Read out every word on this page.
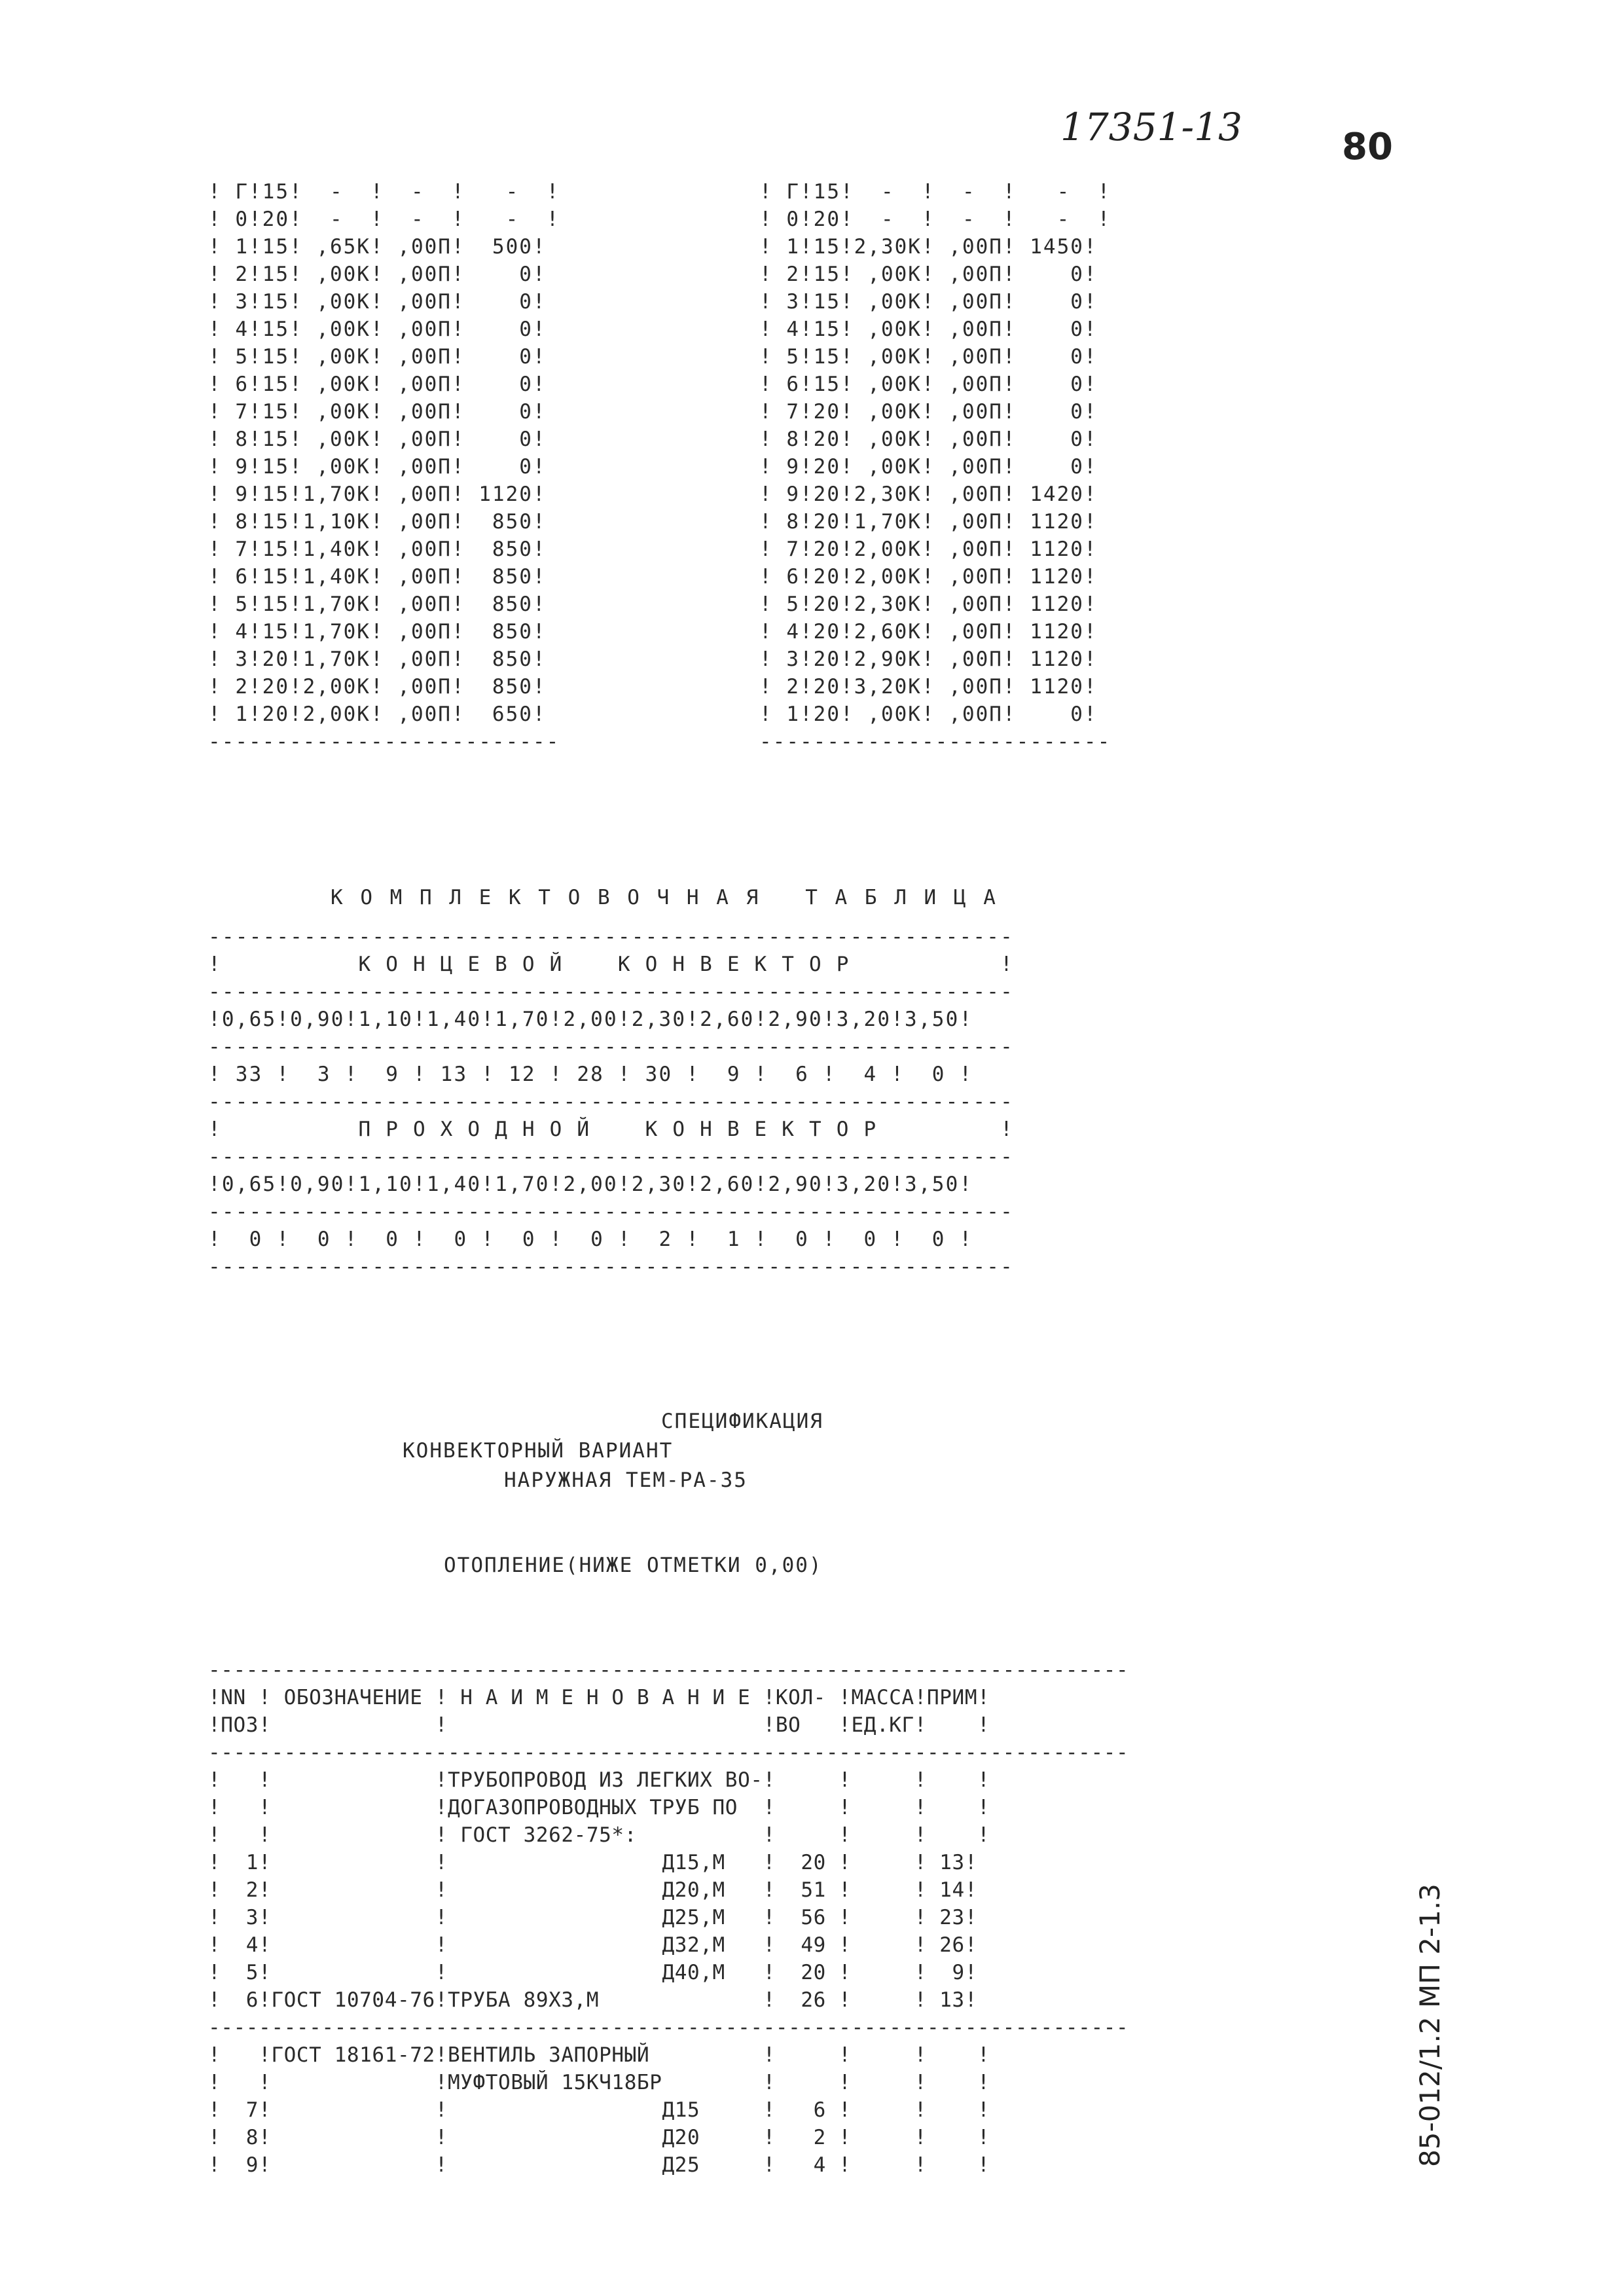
17351-13	80
! Г!15!  -  !  -  !   -  !
! 0!20!  -  !  -  !   -  !
! 1!15! ,65К! ,00П!  500!
! 2!15! ,00К! ,00П!    0!
! 3!15! ,00К! ,00П!    0!
! 4!15! ,00К! ,00П!    0!
! 5!15! ,00К! ,00П!    0!
! 6!15! ,00К! ,00П!    0!
! 7!15! ,00К! ,00П!    0!
! 8!15! ,00К! ,00П!    0!
! 9!15! ,00К! ,00П!    0!
! 9!15!1,70К! ,00П! 1120!
! 8!15!1,10К! ,00П!  850!
! 7!15!1,40К! ,00П!  850!
! 6!15!1,40К! ,00П!  850!
! 5!15!1,70К! ,00П!  850!
! 4!15!1,70К! ,00П!  850!
! 3!20!1,70К! ,00П!  850!
! 2!20!2,00К! ,00П!  850!
! 1!20!2,00К! ,00П!  650!
--------------------------
! Г!15!  -  !  -  !   -  !
! 0!20!  -  !  -  !   -  !
! 1!15!2,30К! ,00П! 1450!
! 2!15! ,00К! ,00П!    0!
! 3!15! ,00К! ,00П!    0!
! 4!15! ,00К! ,00П!    0!
! 5!15! ,00К! ,00П!    0!
! 6!15! ,00К! ,00П!    0!
! 7!20! ,00К! ,00П!    0!
! 8!20! ,00К! ,00П!    0!
! 9!20! ,00К! ,00П!    0!
! 9!20!2,30К! ,00П! 1420!
! 8!20!1,70К! ,00П! 1120!
! 7!20!2,00К! ,00П! 1120!
! 6!20!2,00К! ,00П! 1120!
! 5!20!2,30К! ,00П! 1120!
! 4!20!2,60К! ,00П! 1120!
! 3!20!2,90К! ,00П! 1120!
! 2!20!3,20К! ,00П! 1120!
! 1!20! ,00К! ,00П!    0!
--------------------------
К О М П Л Е К Т О В О Ч Н А Я   Т А Б Л И Ц А
-----------------------------------------------------------
!          К О Н Ц Е В О Й    К О Н В Е К Т О Р           !
-----------------------------------------------------------
!0,65!0,90!1,10!1,40!1,70!2,00!2,30!2,60!2,90!3,20!3,50!
-----------------------------------------------------------
! 33 !  3 !  9 ! 13 ! 12 ! 28 ! 30 !  9 !  6 !  4 !  0 !
-----------------------------------------------------------
!          П Р О Х О Д Н О Й    К О Н В Е К Т О Р         !
-----------------------------------------------------------
!0,65!0,90!1,10!1,40!1,70!2,00!2,30!2,60!2,90!3,20!3,50!
-----------------------------------------------------------
!  0 !  0 !  0 !  0 !  0 !  0 !  2 !  1 !  0 !  0 !  0 !
-----------------------------------------------------------
СПЕЦИФИКАЦИЯ
КОНВЕКТОРНЫЙ ВАРИАНТ
НАРУЖНАЯ ТЕМ-РА-35
ОТОПЛЕНИЕ(НИЖЕ ОТМЕТКИ 0,00)
-------------------------------------------------------------------------
!NN ! ОБОЗНАЧЕНИЕ ! Н А И М Е Н О В А Н И Е !КОЛ- !МАССА!ПРИМ!
!ПОЗ!             !                         !ВО   !ЕД.КГ!    !
-------------------------------------------------------------------------
!   !             !ТРУБОПРОВОД ИЗ ЛЕГКИХ ВО-!     !     !    !
!   !             !ДОГАЗОПРОВОДНЫХ ТРУБ ПО  !     !     !    !
!   !             ! ГОСТ 3262-75*:          !     !     !    !
!  1!             !                 Д15,М   !  20 !     ! 13!
!  2!             !                 Д20,М   !  51 !     ! 14!
!  3!             !                 Д25,М   !  56 !     ! 23!
!  4!             !                 Д32,М   !  49 !     ! 26!
!  5!             !                 Д40,М   !  20 !     !  9!
!  6!ГОСТ 10704-76!ТРУБА 89Х3,М             !  26 !     ! 13!
-------------------------------------------------------------------------
!   !ГОСТ 18161-72!ВЕНТИЛЬ ЗАПОРНЫЙ         !     !     !    !
!   !             !МУФТОВЫЙ 15КЧ18БР        !     !     !    !
!  7!             !                 Д15     !   6 !     !    !
!  8!             !                 Д20     !   2 !     !    !
!  9!             !                 Д25     !   4 !     !    !	85-012/1.2 МП 2-1.3
